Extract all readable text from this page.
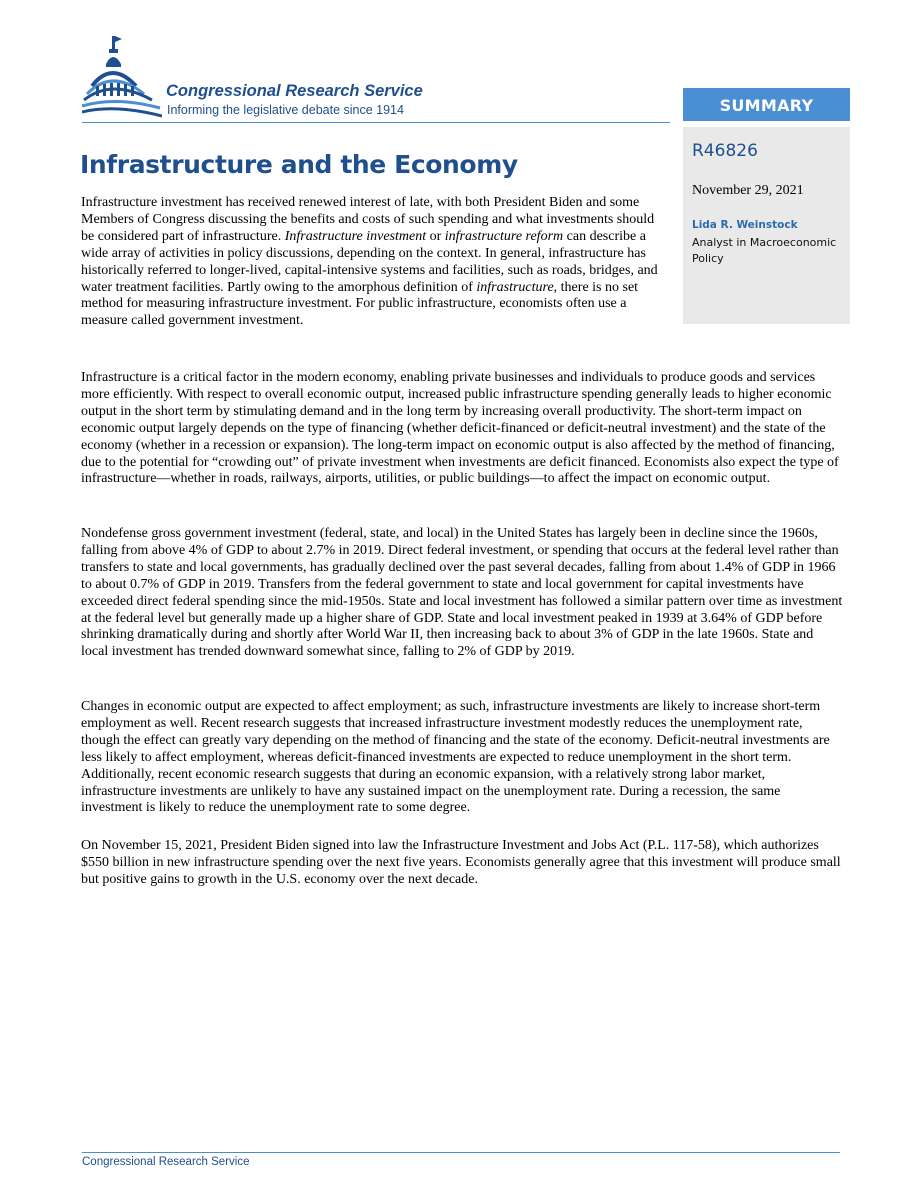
Congressional Research Service
Informing the legislative debate since 1914	SUMMARY
R46826
November 29, 2021
Lida R. Weinstock
Analyst in Macroeconomic Policy
Infrastructure and the Economy

Infrastructure investment has received renewed interest of late, with both President Biden and some Members of Congress discussing the benefits and costs of such spending and what investments should be considered part of infrastructure. Infrastructure investment or infrastructure reform can describe a wide array of activities in policy discussions, depending on the context. In general, infrastructure has historically referred to longer-lived, capital-intensive systems and facilities, such as roads, bridges, and water treatment facilities. Partly owing to the amorphous definition of infrastructure, there is no set method for measuring infrastructure investment. For public infrastructure, economists often use a measure called government investment.

Infrastructure is a critical factor in the modern economy, enabling private businesses and individuals to produce goods and services more efficiently. With respect to overall economic output, increased public infrastructure spending generally leads to higher economic output in the short term by stimulating demand and in the long term by increasing overall productivity. The short-term impact on economic output largely depends on the type of financing (whether deficit-financed or deficit-neutral investment) and the state of the economy (whether in a recession or expansion). The long-term impact on economic output is also affected by the method of financing, due to the potential for “crowding out” of private investment when investments are deficit financed. Economists also expect the type of infrastructure—whether in roads, railways, airports, utilities, or public buildings—to affect the impact on economic output.

Nondefense gross government investment (federal, state, and local) in the United States has largely been in decline since the 1960s, falling from above 4% of GDP to about 2.7% in 2019. Direct federal investment, or spending that occurs at the federal level rather than transfers to state and local governments, has gradually declined over the past several decades, falling from about 1.4% of GDP in 1966 to about 0.7% of GDP in 2019. Transfers from the federal government to state and local government for capital investments have exceeded direct federal spending since the mid-1950s. State and local investment has followed a similar pattern over time as investment at the federal level but generally made up a higher share of GDP. State and local investment peaked in 1939 at 3.64% of GDP before shrinking dramatically during and shortly after World War II, then increasing back to about 3% of GDP in the late 1960s. State and local investment has trended downward somewhat since, falling to 2% of GDP by 2019.

Changes in economic output are expected to affect employment; as such, infrastructure investments are likely to increase short-term employment as well. Recent research suggests that increased infrastructure investment modestly reduces the unemployment rate, though the effect can greatly vary depending on the method of financing and the state of the economy. Deficit-neutral investments are less likely to affect employment, whereas deficit-financed investments are expected to reduce unemployment in the short term. Additionally, recent economic research suggests that during an economic expansion, with a relatively strong labor market, infrastructure investments are unlikely to have any sustained impact on the unemployment rate. During a recession, the same investment is likely to reduce the unemployment rate to some degree.

On November 15, 2021, President Biden signed into law the Infrastructure Investment and Jobs Act (P.L. 117-58), which authorizes $550 billion in new infrastructure spending over the next five years. Economists generally agree that this investment will produce small but positive gains to growth in the U.S. economy over the next decade.

Congressional Research Service
